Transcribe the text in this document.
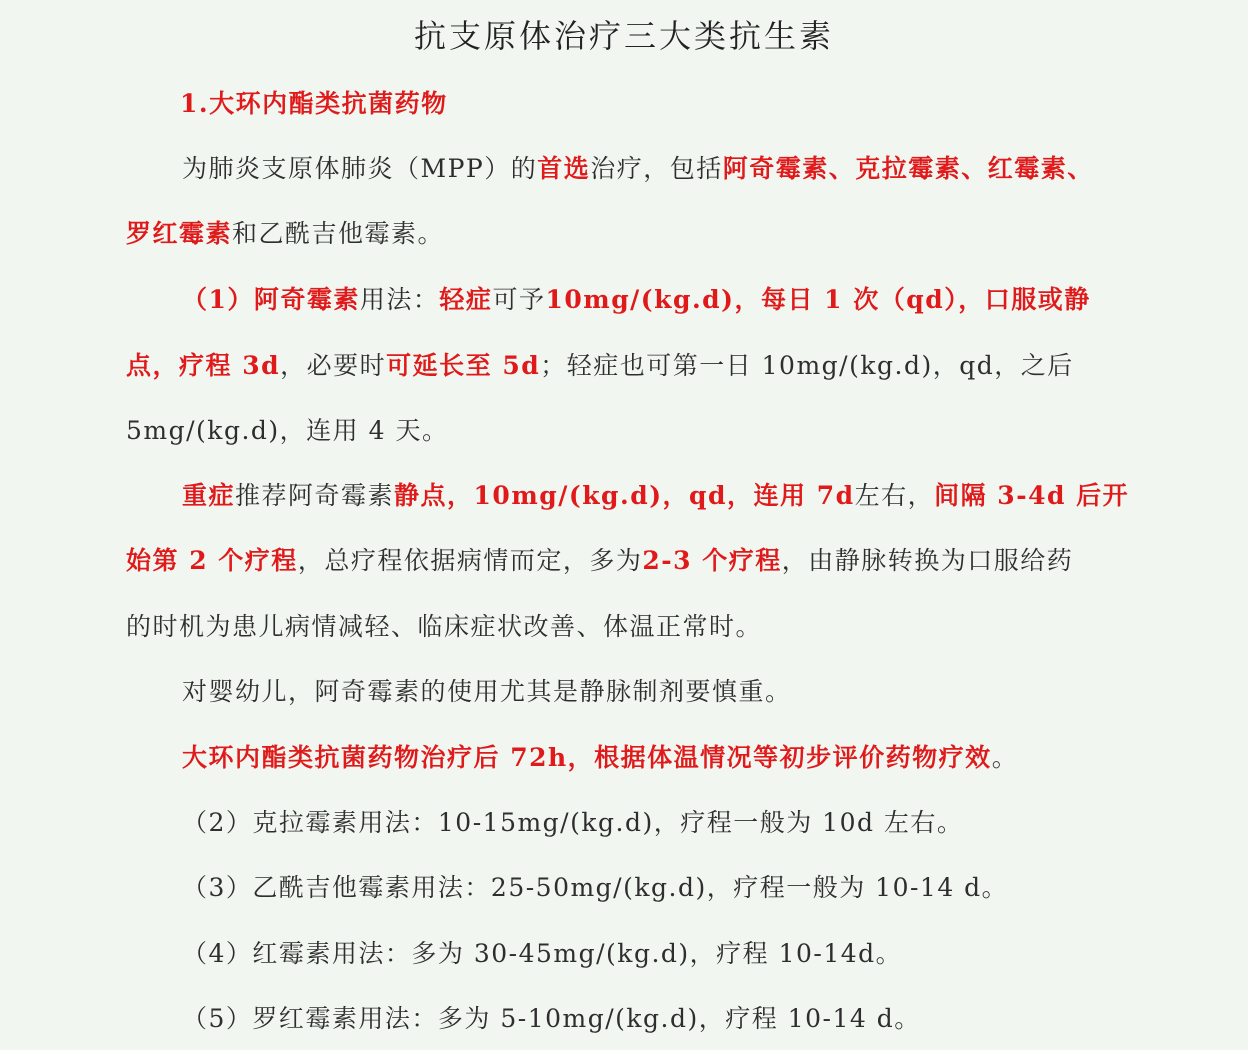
抗支原体治疗三大类抗生素
1.大环内酯类抗菌药物
为肺炎支原体肺炎（MPP）的首选治疗，包括阿奇霉素、克拉霉素、红霉素、
罗红霉素和乙酰吉他霉素。
（1）阿奇霉素用法：轻症可予10mg/(kg.d)，每日 1 次（qd），口服或静
点，疗程 3d，必要时可延长至 5d；轻症也可第一日 10mg/(kg.d)，qd，之后
5mg/(kg.d)，连用 4 天。
重症推荐阿奇霉素静点，10mg/(kg.d)，qd，连用 7d左右，间隔 3-4d 后开
始第 2 个疗程，总疗程依据病情而定，多为2-3 个疗程，由静脉转换为口服给药
的时机为患儿病情减轻、临床症状改善、体温正常时。
对婴幼儿，阿奇霉素的使用尤其是静脉制剂要慎重。
大环内酯类抗菌药物治疗后 72h，根据体温情况等初步评价药物疗效。
（2）克拉霉素用法：10-15mg/(kg.d)，疗程一般为 10d 左右。
（3）乙酰吉他霉素用法：25-50mg/(kg.d)，疗程一般为 10-14 d。
（4）红霉素用法：多为 30-45mg/(kg.d)，疗程 10-14d。
（5）罗红霉素用法：多为 5-10mg/(kg.d)，疗程 10-14 d。
